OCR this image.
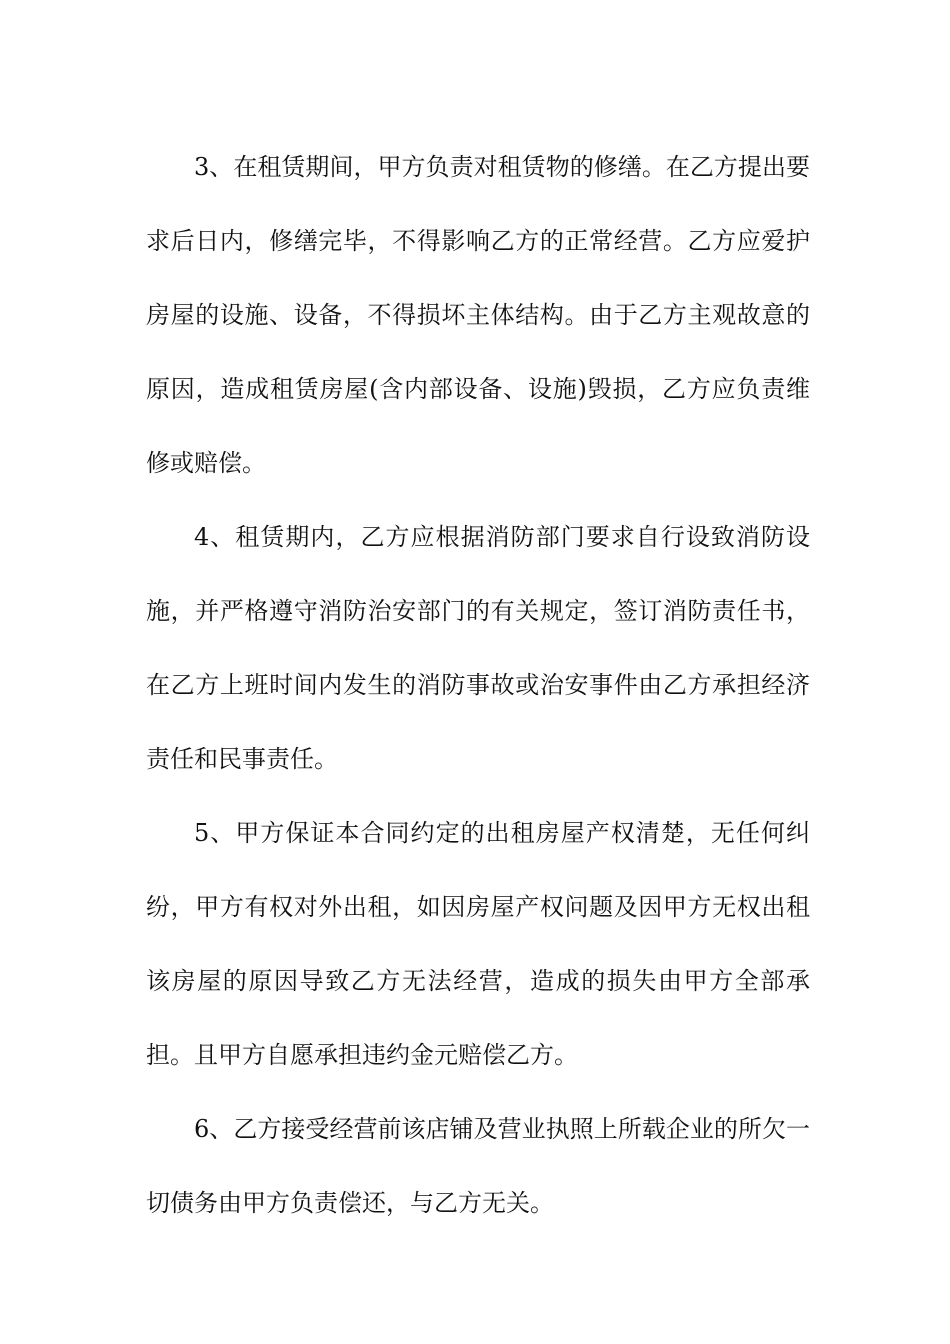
3、在租赁期间，甲方负责对租赁物的修缮。在乙方提出要求后日内，修缮完毕，不得影响乙方的正常经营。乙方应爱护房屋的设施、设备，不得损坏主体结构。由于乙方主观故意的原因，造成租赁房屋(含内部设备、设施)毁损，乙方应负责维修或赔偿。

4、租赁期内，乙方应根据消防部门要求自行设致消防设施，并严格遵守消防治安部门的有关规定，签订消防责任书，在乙方上班时间内发生的消防事故或治安事件由乙方承担经济责任和民事责任。

5、甲方保证本合同约定的出租房屋产权清楚，无任何纠纷，甲方有权对外出租，如因房屋产权问题及因甲方无权出租该房屋的原因导致乙方无法经营，造成的损失由甲方全部承担。且甲方自愿承担违约金元赔偿乙方。

6、乙方接受经营前该店铺及营业执照上所载企业的所欠一切债务由甲方负责偿还，与乙方无关。
